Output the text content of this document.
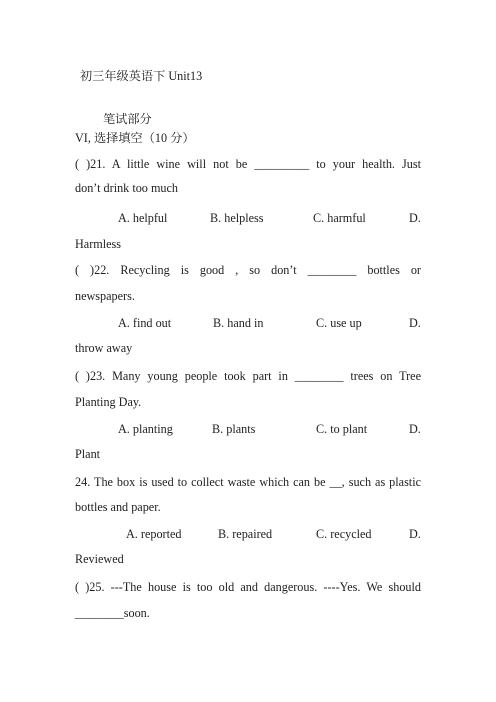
初三年级英语下 Unit13
笔试部分
VI, 选择填空（10 分）
( )21. A little wine will not be _________ to your health. Just
don’t drink too much
A. helpful	B. helpless	C. harmful	D.
Harmless
( )22. Recycling is good , so don’t ________ bottles or
newspapers.
A. find out	B. hand in	C. use up	D.
throw away
( )23. Many young people took part in ________ trees on Tree
Planting Day.
A. planting	B. plants	C. to plant	D.
Plant
24. The box is used to collect waste which can be __, such as plastic
bottles and paper.
A. reported	B. repaired	C. recycled	D.
Reviewed
( )25. ---The house is too old and dangerous. ----Yes. We should
________soon.
